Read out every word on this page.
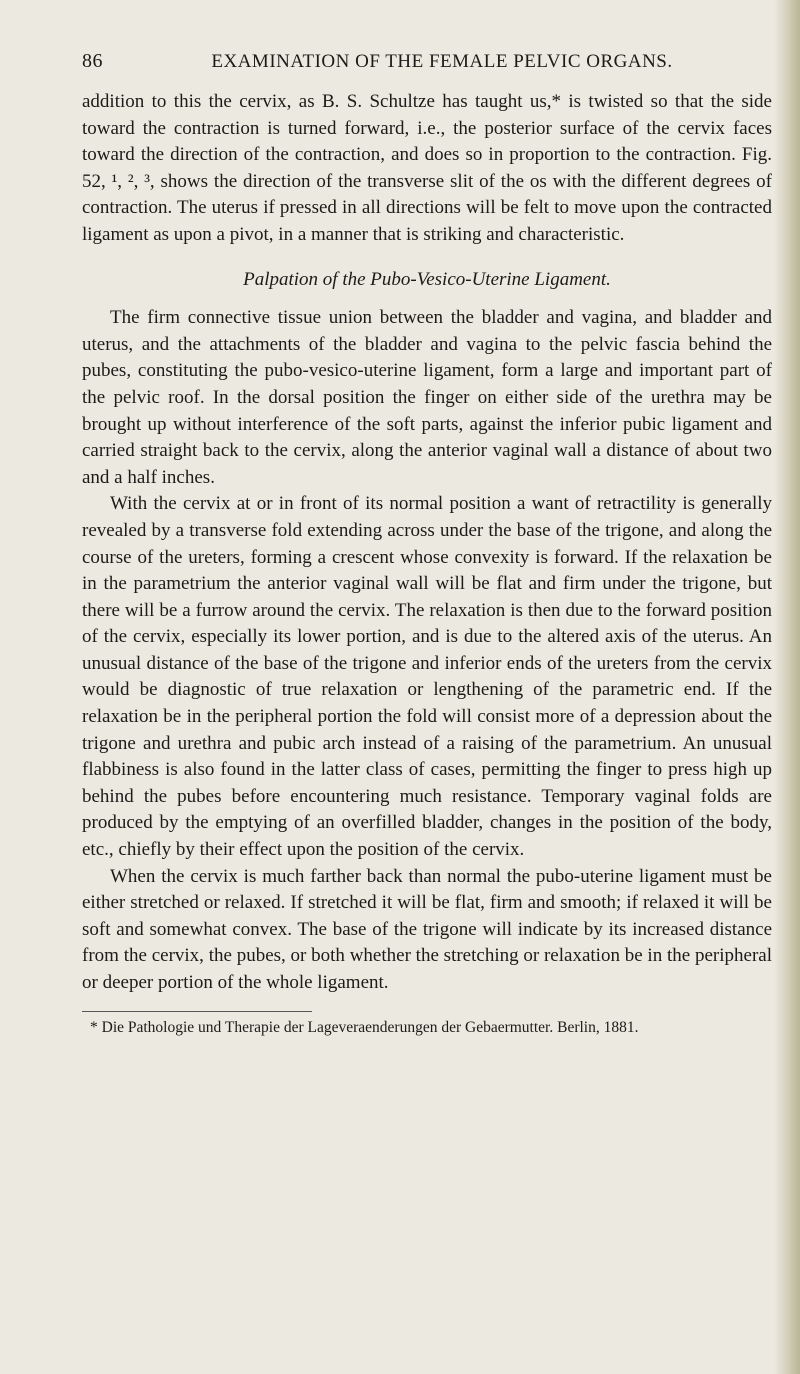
86	EXAMINATION OF THE FEMALE PELVIC ORGANS.

addition to this the cervix, as B. S. Schultze has taught us,* is twisted so that the side toward the contraction is turned forward, i.e., the posterior surface of the cervix faces toward the direction of the contraction, and does so in proportion to the contraction. Fig. 52, ¹, ², ³, shows the direction of the transverse slit of the os with the different degrees of contraction. The uterus if pressed in all directions will be felt to move upon the contracted ligament as upon a pivot, in a manner that is striking and characteristic.

Palpation of the Pubo-Vesico-Uterine Ligament.

The firm connective tissue union between the bladder and vagina, and bladder and uterus, and the attachments of the bladder and vagina to the pelvic fascia behind the pubes, constituting the pubo-vesico-uterine ligament, form a large and important part of the pelvic roof. In the dorsal position the finger on either side of the urethra may be brought up without interference of the soft parts, against the inferior pubic ligament and carried straight back to the cervix, along the anterior vaginal wall a distance of about two and a half inches.

With the cervix at or in front of its normal position a want of retractility is generally revealed by a transverse fold extending across under the base of the trigone, and along the course of the ureters, forming a crescent whose convexity is forward. If the relaxation be in the parametrium the anterior vaginal wall will be flat and firm under the trigone, but there will be a furrow around the cervix. The relaxation is then due to the forward position of the cervix, especially its lower portion, and is due to the altered axis of the uterus. An unusual distance of the base of the trigone and inferior ends of the ureters from the cervix would be diagnostic of true relaxation or lengthening of the parametric end. If the relaxation be in the peripheral portion the fold will consist more of a depression about the trigone and urethra and pubic arch instead of a raising of the parametrium. An unusual flabbiness is also found in the latter class of cases, permitting the finger to press high up behind the pubes before encountering much resistance. Temporary vaginal folds are produced by the emptying of an overfilled bladder, changes in the position of the body, etc., chiefly by their effect upon the position of the cervix.

When the cervix is much farther back than normal the pubo-uterine ligament must be either stretched or relaxed. If stretched it will be flat, firm and smooth; if relaxed it will be soft and somewhat convex. The base of the trigone will indicate by its increased distance from the cervix, the pubes, or both whether the stretching or relaxation be in the peripheral or deeper portion of the whole ligament.

* Die Pathologie und Therapie der Lageveraenderungen der Gebaermutter. Berlin, 1881.
